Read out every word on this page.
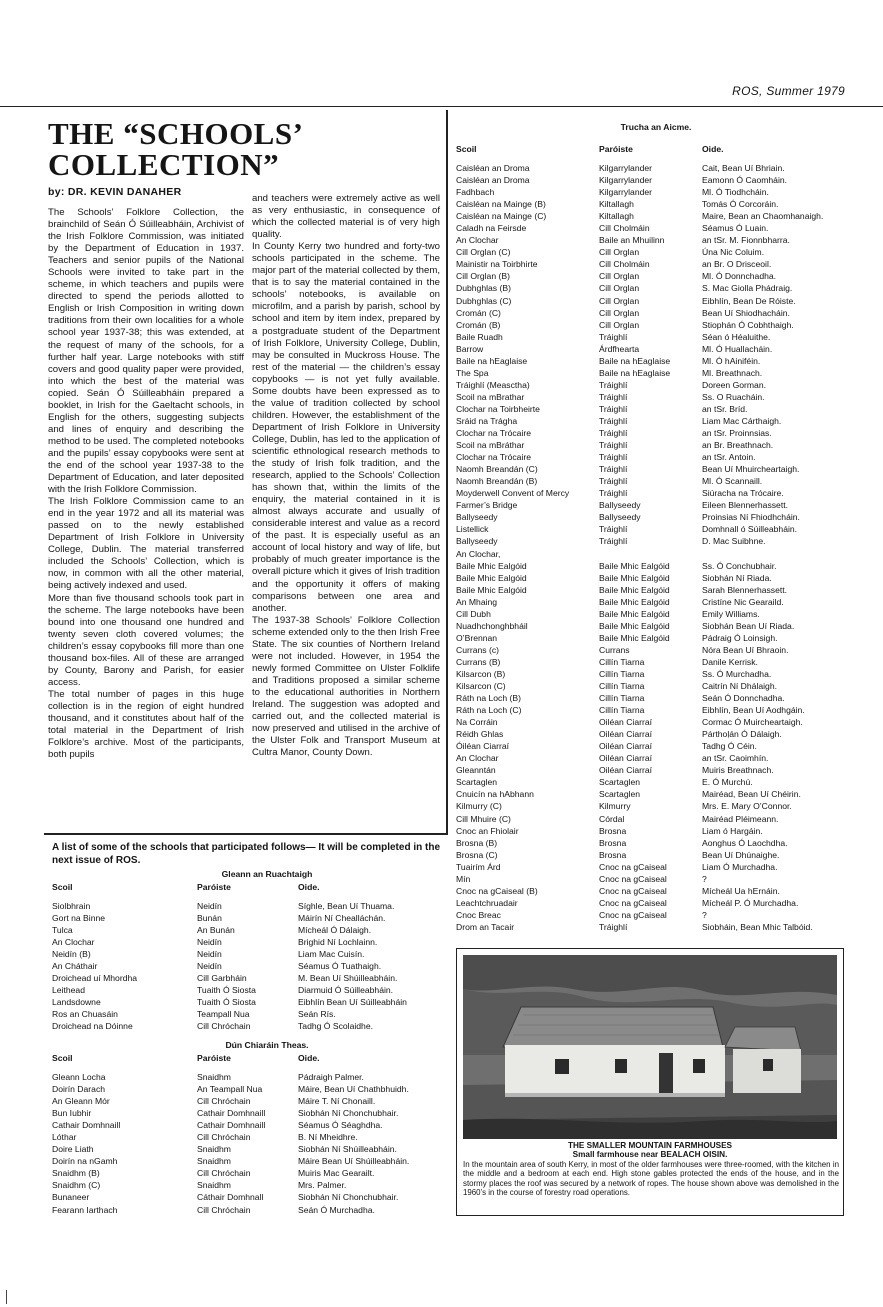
ROS, Summer 1979
THE “SCHOOLS’ COLLECTION”
by: DR. KEVIN DANAHER

The Schools’ Folklore Collection, the brainchild of Seán Ó Súilleabháin, Archivist of the Irish Folklore Commission, was initiated by the Department of Education in 1937. Teachers and senior pupils of the National Schools were invited to take part in the scheme, in which teachers and pupils were directed to spend the periods allotted to English or Irish Composition in writing down traditions from their own localities for a whole school year 1937-38; this was extended, at the request of many of the schools, for a further half year. Large notebooks with stiff covers and good quality paper were provided, into which the best of the material was copied. Seán Ó Súilleabháin prepared a booklet, in Irish for the Gaeltacht schools, in English for the others, suggesting subjects and lines of enquiry and describing the method to be used. The completed notebooks and the pupils’ essay copybooks were sent at the end of the school year 1937-38 to the Department of Education, and later deposited with the Irish Folklore Commission.

The Irish Folklore Commission came to an end in the year 1972 and all its material was passed on to the newly established Department of Irish Folklore in University College, Dublin. The material transferred included the Schools’ Collection, which is now, in common with all the other material, being actively indexed and used.

More than five thousand schools took part in the scheme. The large notebooks have been bound into one thousand one hundred and twenty seven cloth covered volumes; the children’s essay copybooks fill more than one thousand box-files. All of these are arranged by County, Barony and Parish, for easier access.

The total number of pages in this huge collection is in the region of eight hundred thousand, and it constitutes about half of the total material in the Department of Irish Folklore’s archive. Most of the participants, both pupils

and teachers were extremely active as well as very enthusiastic, in consequence of which the collected material is of very high quality.

In County Kerry two hundred and forty-two schools participated in the scheme. The major part of the material collected by them, that is to say the material contained in the schools’ notebooks, is available on microfilm, and a parish by parish, school by school and item by item index, prepared by a postgraduate student of the Department of Irish Folklore, University College, Dublin, may be consulted in Muckross House. The rest of the material — the children’s essay copybooks — is not yet fully available. Some doubts have been expressed as to the value of tradition collected by school children. However, the establishment of the Department of Irish Folklore in University College, Dublin, has led to the application of scientific ethnological research methods to the study of Irish folk tradition, and the research, applied to the Schools’ Collection has shown that, within the limits of the enquiry, the material contained in it is almost always accurate and usually of considerable interest and value as a record of the past. It is especially useful as an account of local history and way of life, but probably of much greater importance is the overall picture which it gives of Irish tradition and the opportunity it offers of making comparisons between one area and another.

The 1937-38 Schools’ Folklore Collection scheme extended only to the then Irish Free State. The six counties of Northern Ireland were not included. However, in 1954 the newly formed Committee on Ulster Folklife and Traditions proposed a similar scheme to the educational authorities in Northern Ireland. The suggestion was adopted and carried out, and the collected material is now preserved and utilised in the archive of the Ulster Folk and Transport Museum at Cultra Manor, County Down.

A list of some of the schools that participated follows— It will be completed in the next issue of ROS.
Gleann an Ruachtaigh
Scoil	Paróiste	Oide.
Siolbhrain	Neidín	Síghle, Bean Uí Thuama.
Gort na Binne	Bunán	Máirín Ní Chealláchán.
Tulca	An Bunán	Mícheál Ó Dálaigh.
An Clochar	Neidín	Brighid Ní Lochlainn.
Neidín (B)	Neidín	Liam Mac Cuisín.
An Cháthair	Neidín	Séamus Ó Tuathaigh.
Droichead uí Mhordha	Cill Garbháin	M. Bean Uí Shúilleabháin.
Leithead	Tuaith Ó Siosta	Diarmuid Ó Súilleabháin.
Landsdowne	Tuaith Ó Siosta	Eibhlín Bean Uí Súilleabháin
Ros an Chuasáin	Teampall Nua	Seán Rís.
Droichead na Dóinne	Cill Chróchain	Tadhg Ó Scolaidhe.
Dún Chiaráin Theas.
Scoil	Paróiste	Oide.
Gleann Locha	Snaidhm	Pádraigh Palmer.
Doirín Darach	An Teampall Nua	Máire, Bean Uí Chathbhuidh.
An Gleann Mór	Cill Chróchain	Máire T. Ní Chonaill.
Bun Iubhir	Cathair Domhnaill	Siobhán Ní Chonchubhair.
Cathair Domhnaill	Cathair Domhnaill	Séamus Ó Séaghdha.
Lóthar	Cill Chróchain	B. Ní Mheidhre.
Doire Liath	Snaidhm	Siobhán Ní Shúilleabháin.
Doirín na nGamh	Snaidhm	Máire Bean Uí Shúilleabháin.
Snaidhm (B)	Cill Chróchain	Muiris Mac Gearailt.
Snaidhm (C)	Snaidhm	Mrs. Palmer.
Bunaneer	Cáthair Domhnall	Siobhán Ní Chonchubhair.
Fearann Iarthach	Cill Chróchain	Seán Ó Murchadha.
Trucha an Aicme.
Scoil	Paróiste	Oide.
Caisléan an Droma	Kilgarrylander	Cait, Bean Uí Bhriain.
Caisléan an Droma	Kilgarrylander	Eamonn Ó Caomháin.
Fadhbach	Kilgarrylander	Ml. Ó Tiodhcháin.
Caisléan na Mainge (B)	Kiltallagh	Tomás Ó Corcoráin.
Caisléan na Mainge (C)	Kiltallagh	Maire, Bean an Chaomhanaigh.
Caladh na Feirsde	Cill Cholmáin	Séamus Ó Luain.
An Clochar	Baile an Mhuilinn	an tSr. M. Fionnbharra.
Cill Orglan (C)	Cill Orglan	Úna Nic Coluim.
Mainistir na Toirbhirte	Cill Cholmáin	an Br. O Drisceoil.
Cill Orglan (B)	Cill Orglan	Ml. Ó Donnchadha.
Dubhghlas (B)	Cill Orglan	S. Mac Giolla Phádraig.
Dubhghlas (C)	Cill Orglan	Eibhlín, Bean De Róiste.
Cromán (C)	Cill Orglan	Bean Uí Shiodhacháin.
Cromán (B)	Cill Orglan	Stiophán Ó Cobhthaigh.
Baile Ruadh	Tráighlí	Séan ó Héaluithe.
Barrow	Árdfhearta	Ml. Ó Huallacháin.
Baile na hEaglaise	Baile na hEaglaise	Ml. Ó hAiniféin.
The Spa	Baile na hEaglaise	Ml. Breathnach.
Tráighlí (Measctha)	Tráighlí	Doreen Gorman.
Scoil na mBrathar	Tráighlí	Ss. O Ruacháin.
Clochar na Toirbheirte	Tráighlí	an tSr. Bríd.
Sráid na Trágha	Tráighlí	Liam Mac Cárthaigh.
Clochar na Trócaire	Tráighlí	an tSr. Proinnsias.
Scoil na mBráthar	Tráighlí	an Br. Breathnach.
Clochar na Trócaire	Tráighlí	an tSr. Antoin.
Naomh Breandán (C)	Tráighlí	Bean Uí Mhuircheartaigh.
Naomh Breandán (B)	Tráighlí	Ml. Ó Scannaill.
Moyderwell Convent of Mercy	Tráighlí	Siúracha na Trócaire.
Farmer’s Bridge	Ballyseedy	Eileen Blennerhassett.
Ballyseedy	Ballyseedy	Proinsias Ní Fhiodhcháin.
Listellick	Tráighlí	Domhnall ó Súilleabháin.
Ballyseedy	Tráighlí	D. Mac Suibhne.
An Clochar,
Baile Mhic Ealgóid	Baile Mhic Ealgóid	Ss. Ó Conchubhair.
Baile Mhic Ealgóid	Baile Mhic Ealgóid	Siobhán Ní Riada.
Baile Mhic Ealgóid	Baile Mhic Ealgóid	Sarah Blennerhassett.
An Mhaing	Baile Mhic Ealgóid	Cristíne Nic Gearaild.
Cill Dubh	Baile Mhic Ealgóid	Emily Williams.
Nuadhchonghbháil	Baile Mhic Ealgóid	Siobhán Bean Uí Riada.
O’Brennan	Baile Mhic Ealgóid	Pádraig Ó Loinsigh.
Currans (c)	Currans	Nóra Bean Uí Bhraoin.
Currans (B)	Cillín Tiarna	Danile Kerrisk.
Kilsarcon (B)	Cillín Tiarna	Ss. Ó Murchadha.
Kilsarcon (C)	Cillín Tiarna	Caitrín Ní Dhálaigh.
Ráth na Loch (B)	Cillín Tiarna	Seán Ó Donnchadha.
Ráth na Loch (C)	Cillín Tiarna	Eibhlín, Bean Uí Aodhgáin.
Na Corráin	Oiléan Ciarraí	Cormac Ó Muircheartaigh.
Réidh Ghlas	Oiléan Ciarraí	Párthoḷán Ó Dálaigh.
Óiléan Ciarraí	Oiléan Ciarraí	Tadhg Ó Céin.
An Clochar	Oiléan Ciarraí	an tSr. Caoimhín.
Gleanntán	Oiléan Ciarraí	Muiris Breathnach.
Scartaglen	Scartaglen	E. Ó Murchú.
Cnuicín na hAbhann	Scartaglen	Mairéad, Bean Uí Chéirin.
Kilmurry (C)	Kilmurry	Mrs. E. Mary O’Connor.
Cill Mhuire (C)	Córdal	Mairéad Pléimeann.
Cnoc an Fhiolair	Brosna	Liam ó Hargáin.
Brosna (B)	Brosna	Aonghus Ó Laochdha.
Brosna (C)	Brosna	Bean Uí Dhúnaighe.
Tuairím Árd	Cnoc na gCaiseal	Liam Ó Murchadha.
Mín	Cnoc na gCaiseal	?
Cnoc na gCaiseal (B)	Cnoc na gCaiseal	Mícheál Ua hErnáin.
Leachtchruadair	Cnoc na gCaiseal	Mícheál P. Ó Murchadha.
Cnoc Breac	Cnoc na gCaiseal	?
Drom an Tacair	Tráighlí	Siobháin, Bean Mhic Talbóid.
THE SMALLER MOUNTAIN FARMHOUSES
Small farmhouse near BEALACH OISIN.
In the mountain area of south Kerry, in most of the older farmhouses were three-roomed, with the kitchen in the middle and a bedroom at each end. High stone gables protected the ends of the house, and in the stormy places the roof was secured by a network of ropes. The house shown above was demolished in the 1960’s in the course of forestry road operations.
